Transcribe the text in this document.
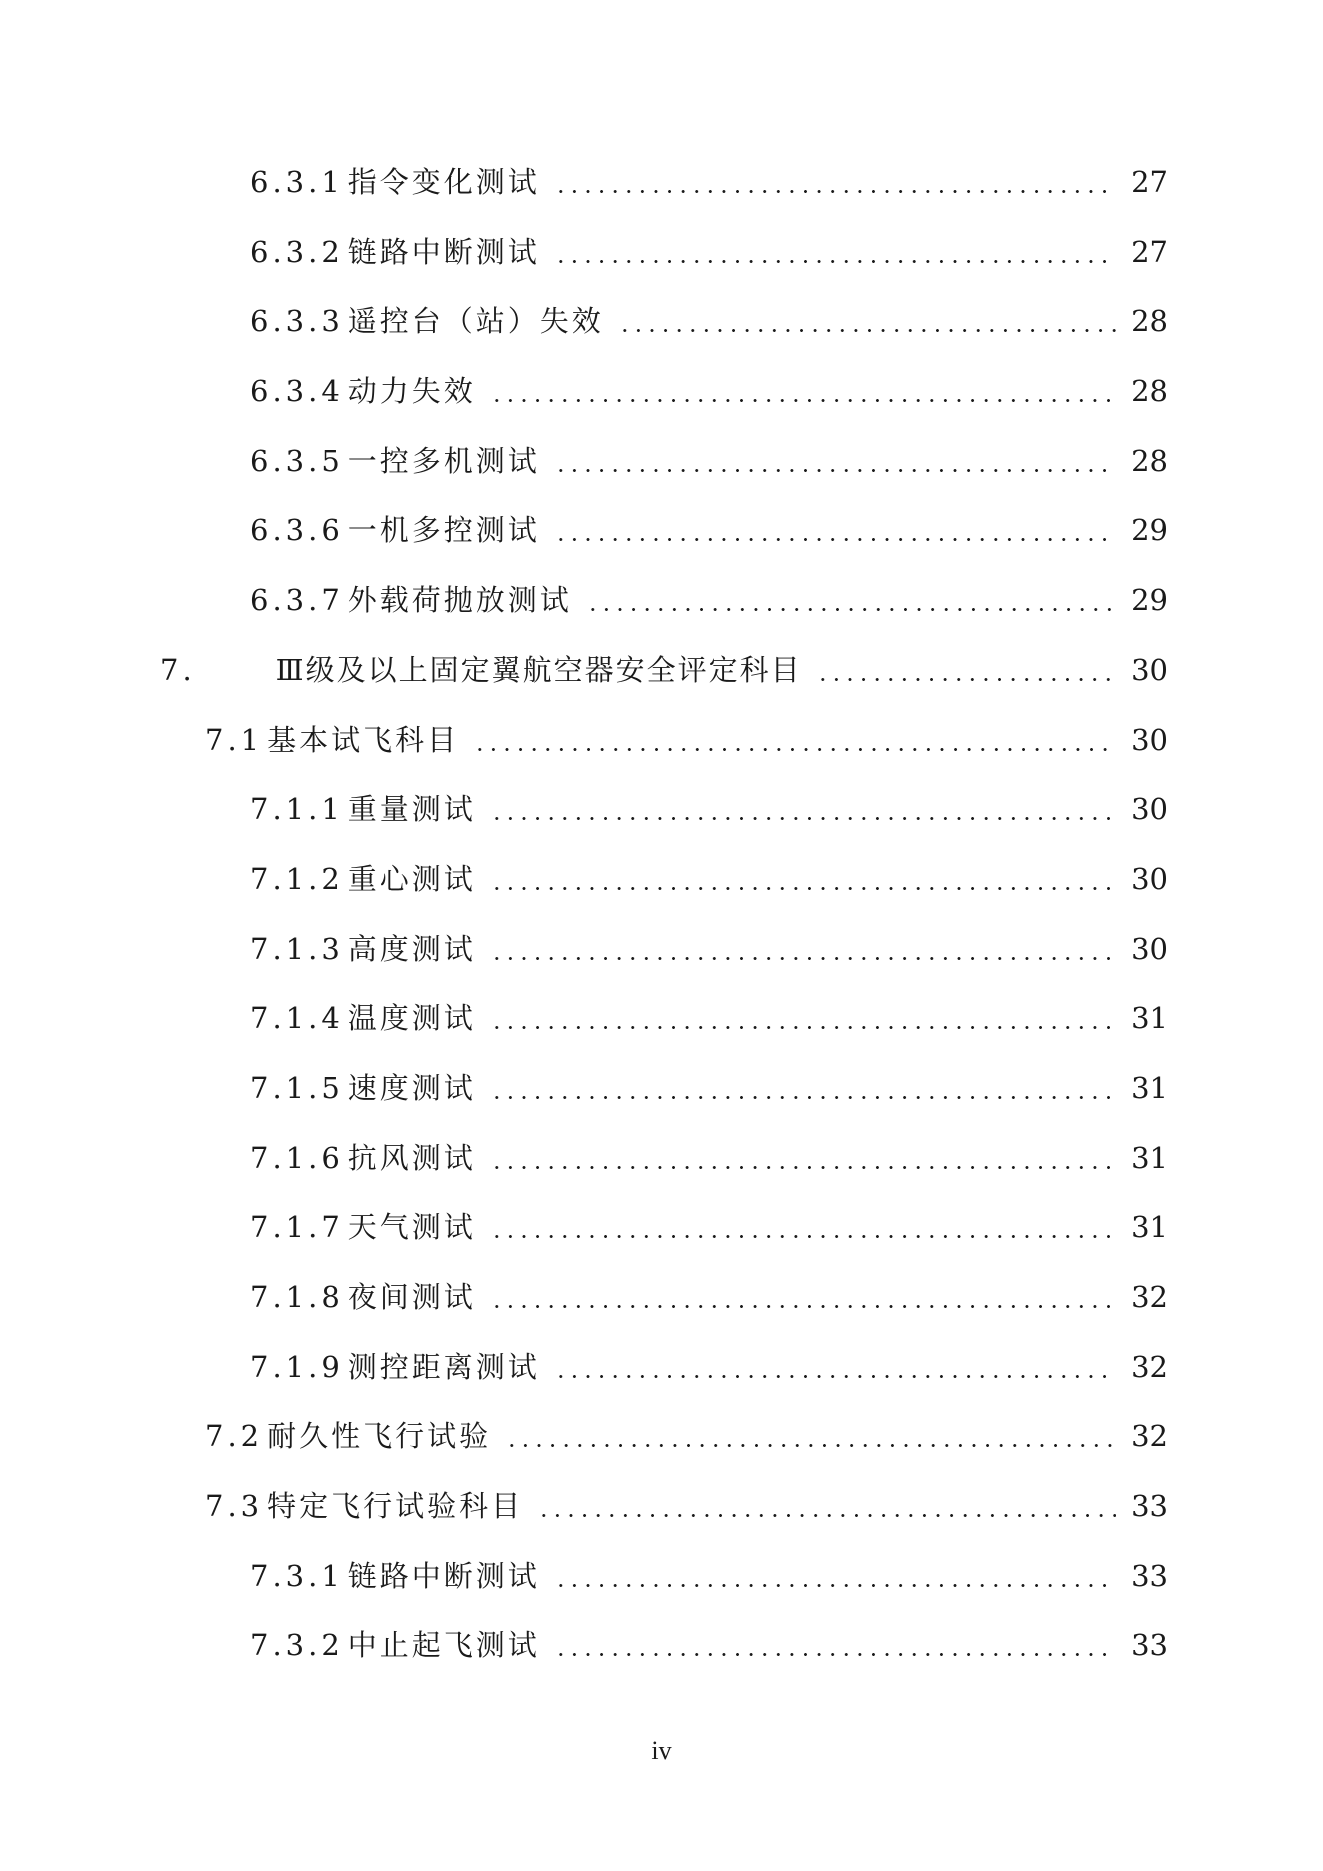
6.3.1 指令变化测试	27
6.3.2 链路中断测试	27
6.3.3 遥控台（站）失效	28
6.3.4 动力失效	28
6.3.5 一控多机测试	28
6.3.6 一机多控测试	29
6.3.7 外载荷抛放测试	29
7.	Ⅲ级及以上固定翼航空器安全评定科目	30
7.1 基本试飞科目	30
7.1.1 重量测试	30
7.1.2 重心测试	30
7.1.3 高度测试	30
7.1.4 温度测试	31
7.1.5 速度测试	31
7.1.6 抗风测试	31
7.1.7 天气测试	31
7.1.8 夜间测试	32
7.1.9 测控距离测试	32
7.2 耐久性飞行试验	32
7.3 特定飞行试验科目	33
7.3.1 链路中断测试	33
7.3.2 中止起飞测试	33
iv
